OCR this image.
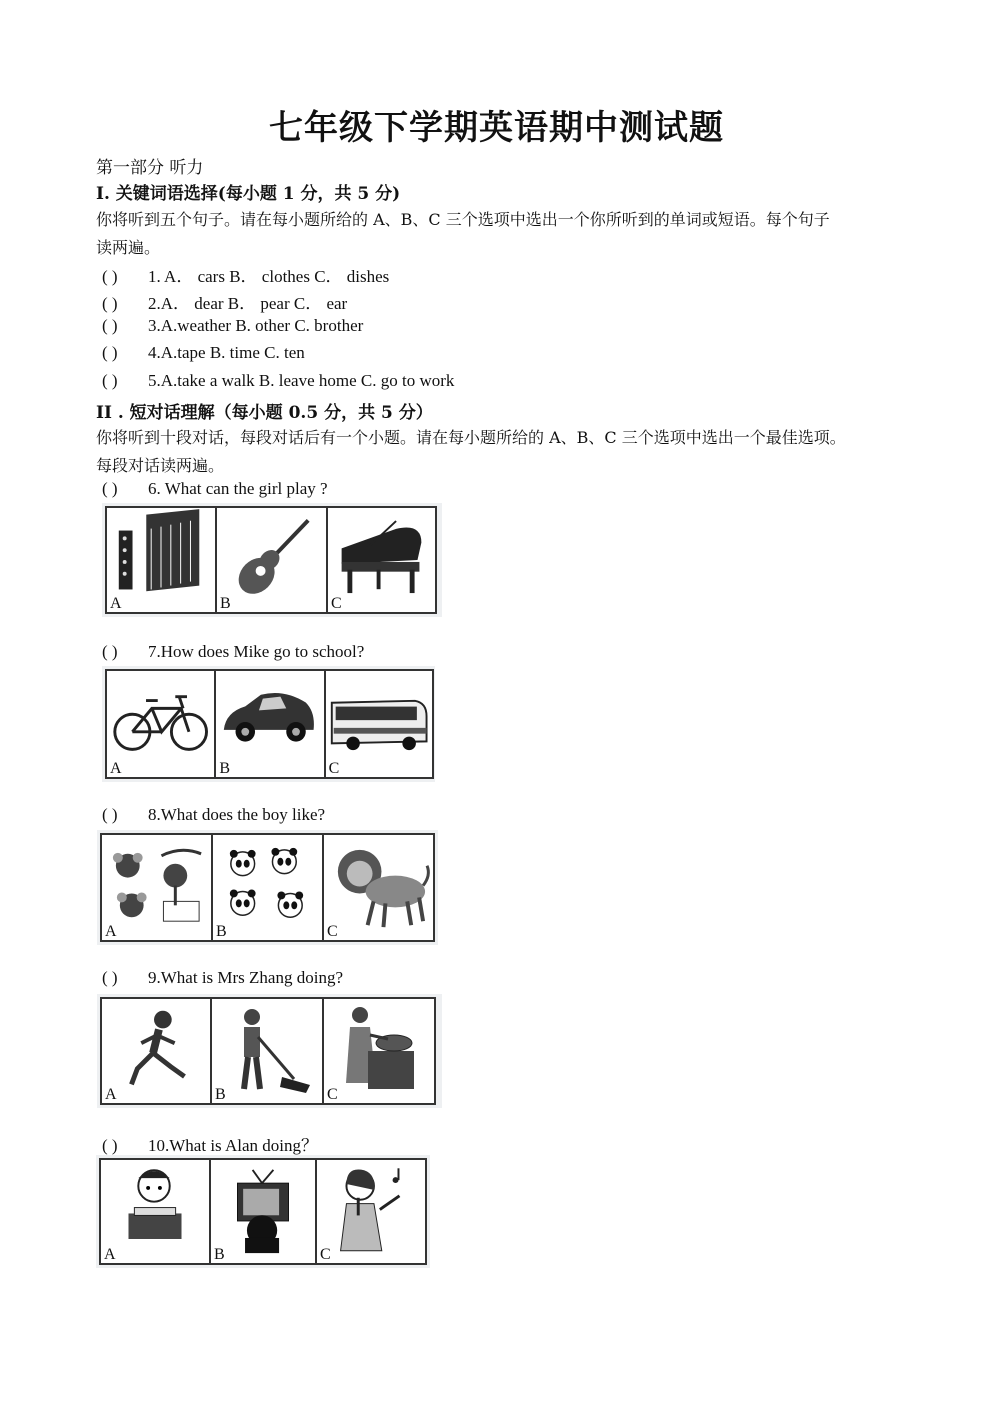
七年级下学期英语期中测试题
第一部分 听力
I. 关键词语选择(每小题 1 分，共 5 分)
你将听到五个句子。请在每小题所给的 A、B、C 三个选项中选出一个你所听到的单词或短语。每个句子
读两遍。
( ) 1. A． cars B． clothes C． dishes
( ) 2.A． dear B． pear C． ear
( ) 3.A.weather B. other C. brother
( ) 4.A.tape B. time C. ten
( ) 5.A.take a walk B. leave home C. go to work
II . 短对话理解（每小题 0.5 分，共 5 分）
你将听到十段对话，每段对话后有一个小题。请在每小题所给的 A、B、C 三个选项中选出一个最佳选项。
每段对话读两遍。
( ) 6. What can the girl play ?
A	B	C
( ) 7.How does Mike go to school?
A	B	C
( ) 8.What does the boy like?
A	B	C
( ) 9.What is Mrs Zhang doing?
A	B	C
( ) 10.What is Alan doing？
A	B	C
